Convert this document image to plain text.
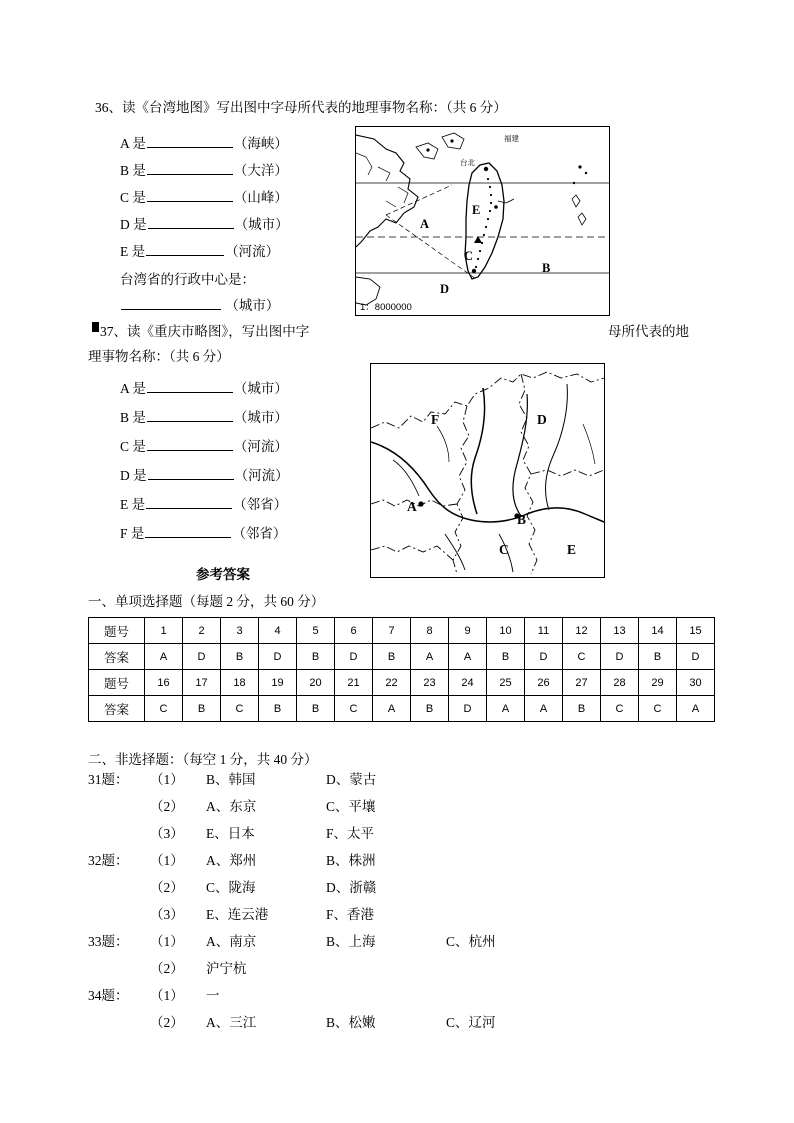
36、读《台湾地图》写出图中字母所代表的地理事物名称：（共 6 分）
A 是	（海峡）
B 是	（大洋）
C 是	（山峰）
D 是	（城市）
E 是	（河流）
台湾省的行政中心是：
（城市）
A
B
C
D
E
福建
台北
1：8000000
37、读《重庆市略图》，写出图中字	母所代表的地
理事物名称：（共 6 分）
A 是	（城市）
B 是	（城市）
C 是	（河流）
D 是	（河流）
E 是	（邻省）
F 是	（邻省）
A
B
C
D
E
F
参考答案
一、单项选择题（每题 2 分，共 60 分）
题号	1	2	3	4	5	6	7	8	9	10	11	12	13	14	15
答案	A	D	B	D	B	D	B	A	A	B	D	C	D	B	D
题号	16	17	18	19	20	21	22	23	24	25	26	27	28	29	30
答案	C	B	C	B	B	C	A	B	D	A	A	B	C	C	A
二、非选择题：（每空 1 分，共 40 分）
31题：	（1）	B、韩国	D、蒙古
（2）	A、东京	C、平壤
（3）	E、日本	F、太平
32题：	（1）	A、郑州	B、株洲
（2）	C、陇海	D、浙赣
（3）	E、连云港	F、香港
33题：	（1）	A、南京	B、上海	C、杭州
（2）	沪宁杭
34题：	（1）	一
（2）	A、三江	B、松嫩	C、辽河
